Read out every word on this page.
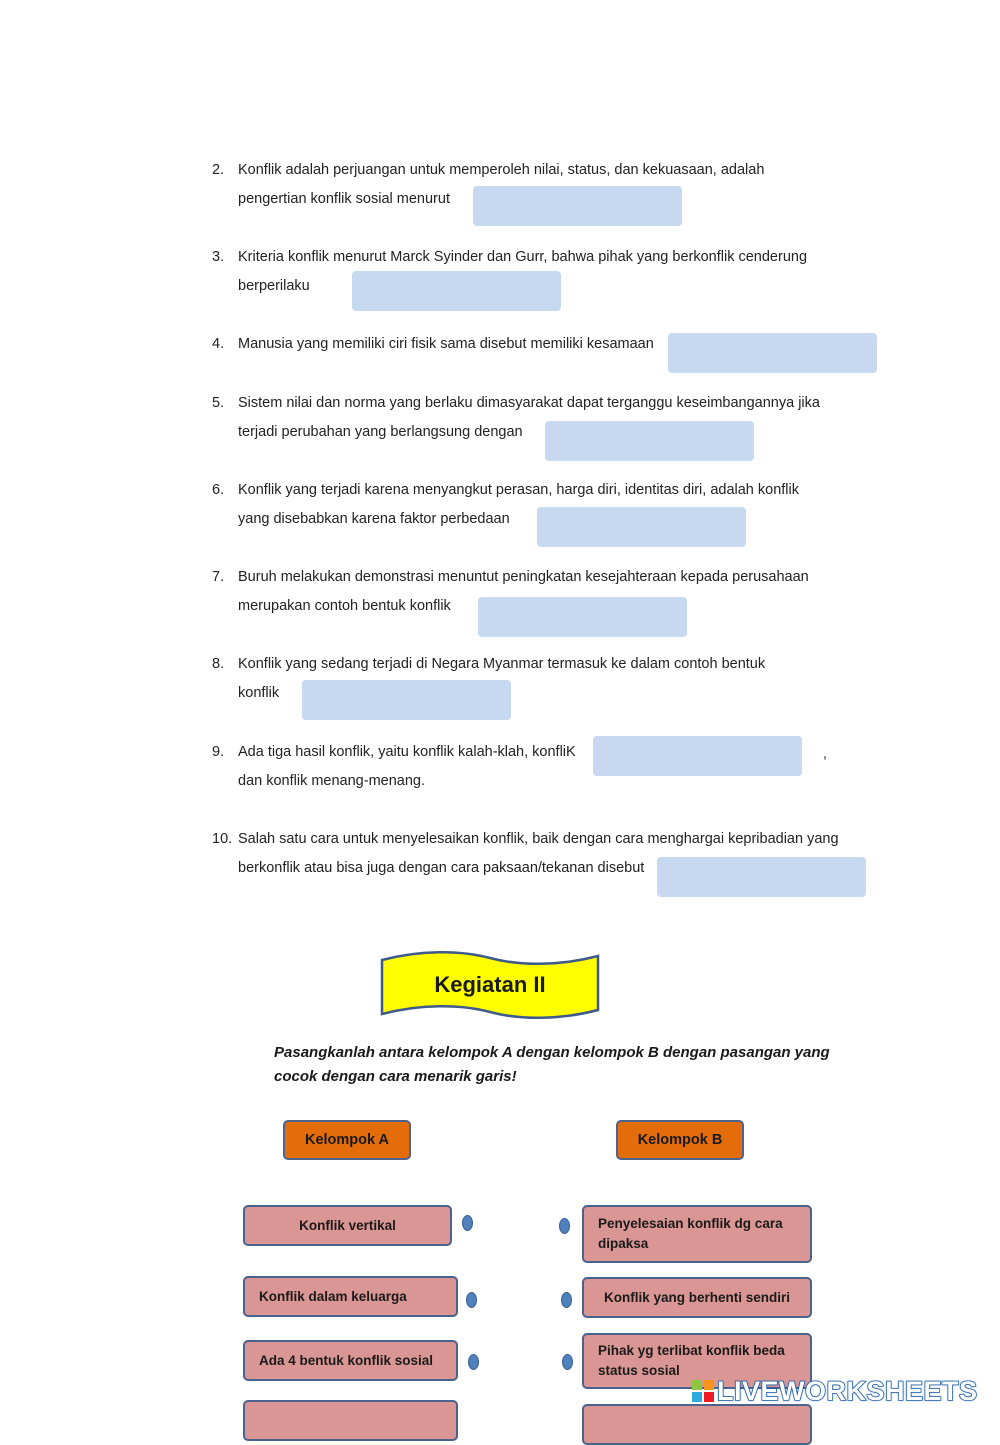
2. Konflik adalah perjuangan untuk memperoleh nilai, status, dan kekuasaan, adalah
pengertian konflik sosial menurut
3. Kriteria konflik menurut Marck Syinder dan Gurr, bahwa pihak yang berkonflik cenderung
berperilaku
4. Manusia yang memiliki ciri fisik sama disebut memiliki kesamaan
5. Sistem nilai dan norma yang berlaku dimasyarakat dapat terganggu keseimbangannya jika
terjadi perubahan yang berlangsung dengan
6. Konflik yang terjadi karena menyangkut perasan, harga diri, identitas diri, adalah konflik
yang disebabkan karena faktor perbedaan
7. Buruh melakukan demonstrasi menuntut peningkatan kesejahteraan kepada perusahaan
merupakan contoh bentuk konflik
8. Konflik yang sedang terjadi di Negara Myanmar termasuk ke dalam contoh bentuk
konflik
9. Ada tiga hasil konflik, yaitu konflik kalah-klah, konfliK
dan konflik menang-menang.
,
10. Salah satu cara untuk menyelesaikan konflik, baik dengan cara menghargai kepribadian yang
berkonflik atau bisa juga dengan cara paksaan/tekanan disebut
Kegiatan II
Pasangkanlah antara kelompok A dengan kelompok B dengan pasangan yang
cocok dengan cara menarik garis!
Kelompok A	Kelompok B
Konflik vertikal
Konflik dalam keluarga
Ada 4 bentuk konflik sosial
Penyelesaian konflik dg cara dipaksa
Konflik yang berhenti sendiri
Pihak yg terlibat konflik beda status sosial
LIVEWORKSHEETS
